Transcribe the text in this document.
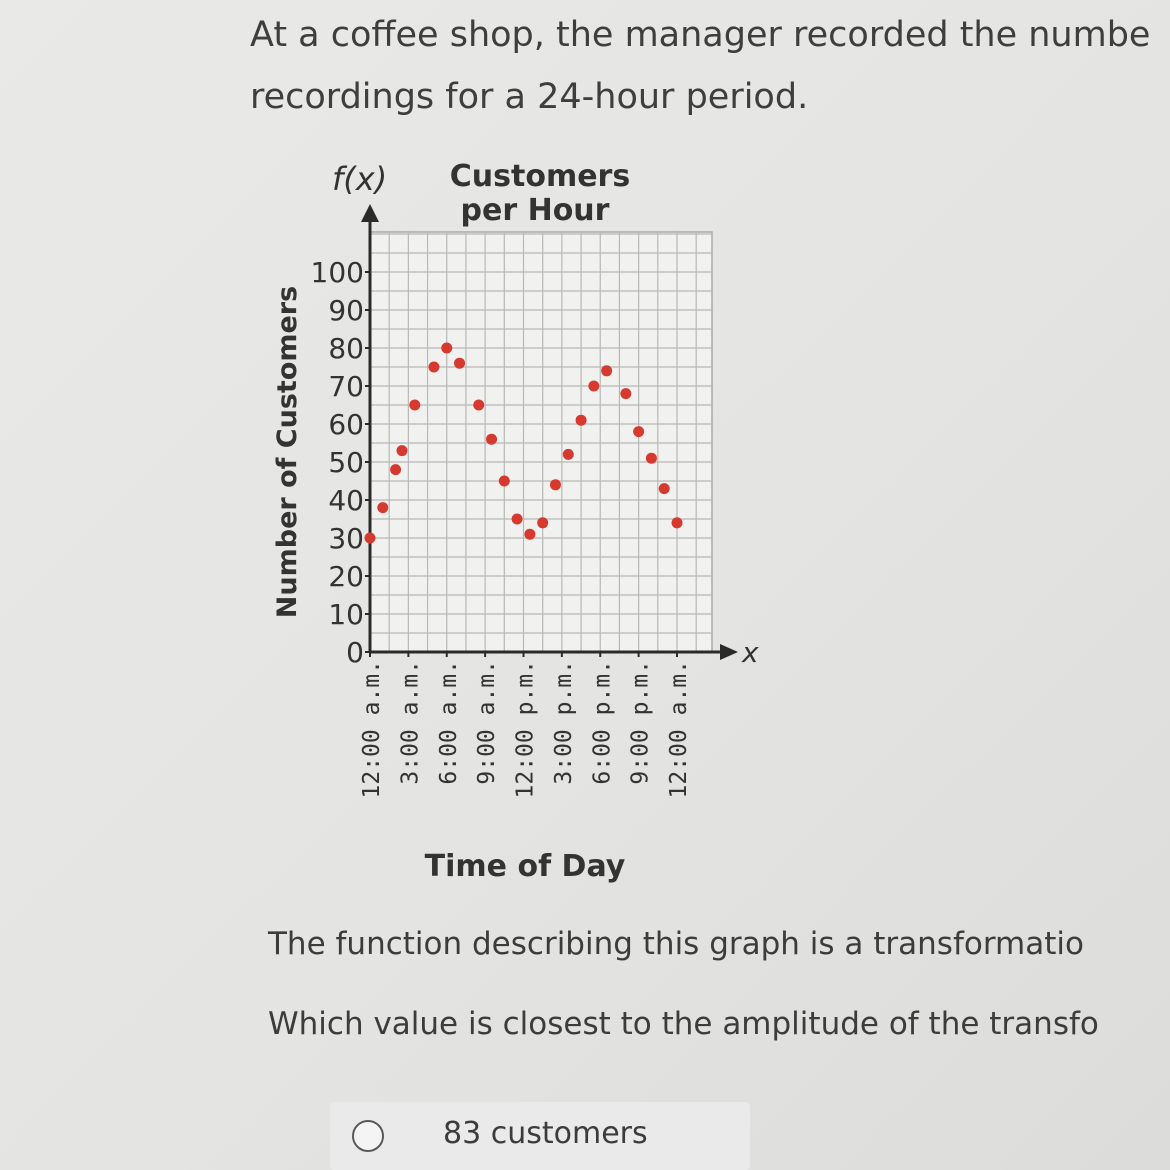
At a coffee shop, the manager recorded the numbe
recordings for a 24-hour period.
0
10
20
30
40
50
60
70
80
90
100
12:00 a.m. 3:00 a.m. 6:00 a.m. 9:00 a.m. 12:00 p.m. 3:00 p.m. 6:00 p.m. 9:00 p.m. 12:00 a.m.
f(x) Customers
per Hour
Number of Customers
x
Time of Day
The function describing this graph is a transformatio
Which value is closest to the amplitude of the transfo
83 customers
